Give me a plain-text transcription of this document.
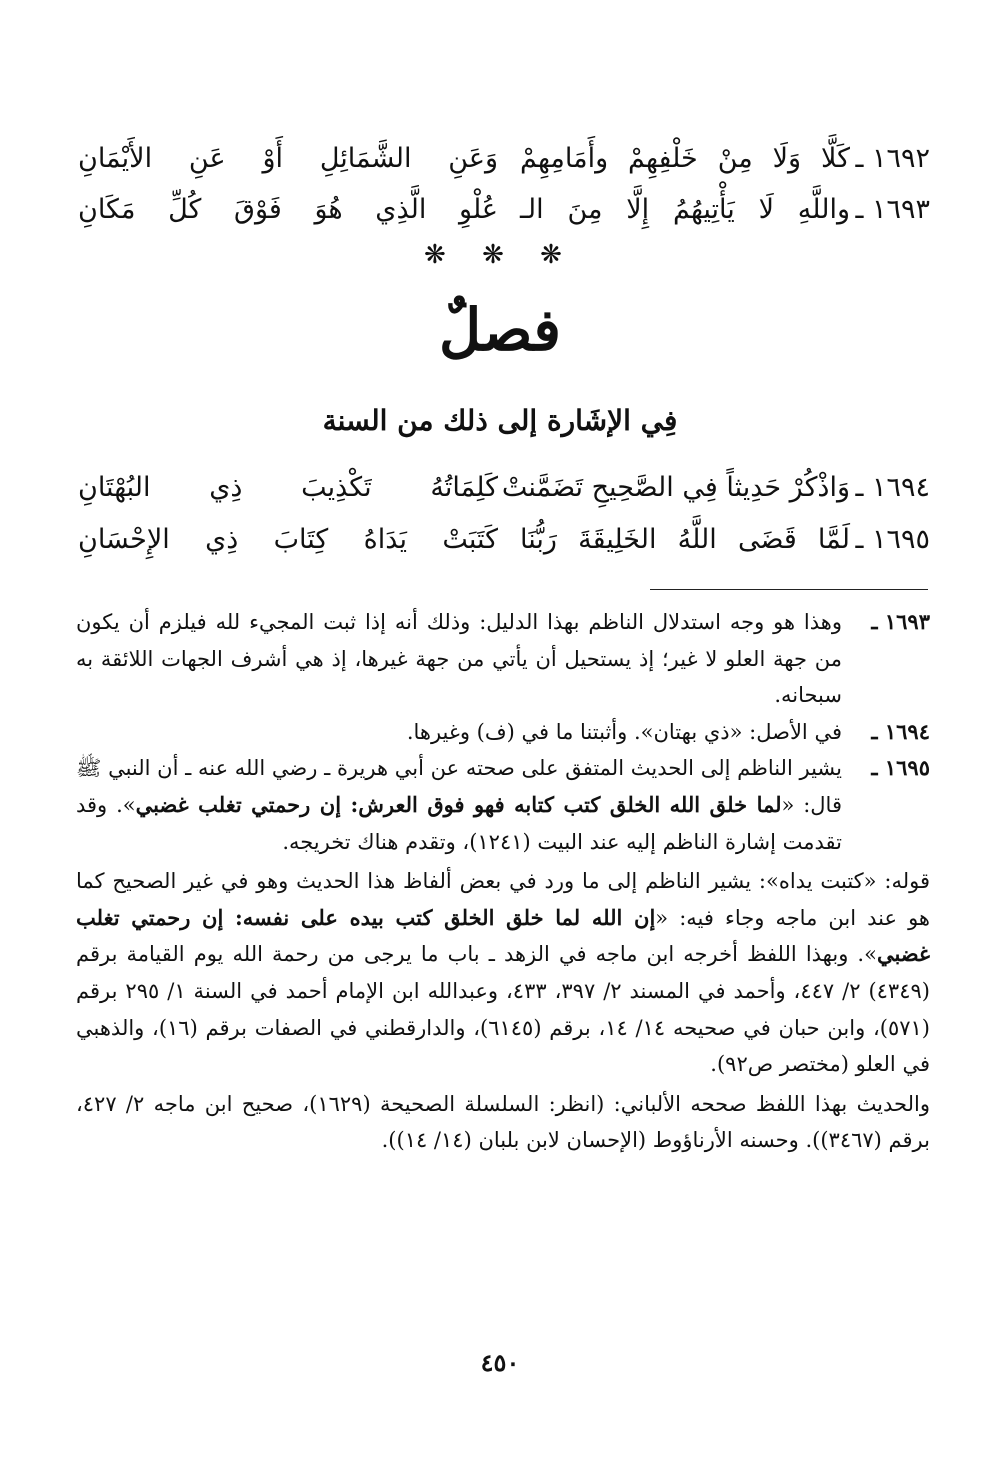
١٦٩٢ ـ
كَلَّا وَلَا مِنْ خَلْفِهِمْ وأَمَامِهِمْ
وَعَنِ الشَّمَائِلِ أَوْ عَنِ الأَيْمَانِ
١٦٩٣ ـ
واللَّهِ لَا يَأْتِيهُمُ إِلَّا مِنَ الـ
عُلْوِ الَّذِي هُوَ فَوْقَ كُلِّ مَكَانِ
❋ ❋ ❋
فصلٌ
فِي الإشَارة إلى ذلك من السنة
١٦٩٤ ـ
وَاذْكُرْ حَدِيثاً فِي الصَّحِيحِ تَضَمَّنتْ
كَلِمَاتُهُ تَكْذِيبَ ذِي البُهْتَانِ
١٦٩٥ ـ
لَمَّا قَضَى اللَّهُ الخَلِيقَةَ رَبُّنَا
كَتَبَتْ يَدَاهُ كِتَابَ ذِي الإِحْسَانِ
١٦٩٣ ـ
وهذا هو وجه استدلال الناظم بهذا الدليل: وذلك أنه إذا ثبت المجيء لله فيلزم أن يكون من جهة العلو لا غير؛ إذ يستحيل أن يأتي من جهة غيرها، إذ هي أشرف الجهات اللائقة به سبحانه.
١٦٩٤ ـ
في الأصل: «ذي بهتان». وأثبتنا ما في (ف) وغيرها.
١٦٩٥ ـ
يشير الناظم إلى الحديث المتفق على صحته عن أبي هريرة ـ رضي الله عنه ـ أن النبي ﷺ قال: «لما خلق الله الخلق كتب كتابه فهو فوق العرش: إن رحمتي تغلب غضبي». وقد تقدمت إشارة الناظم إليه عند البيت (١٢٤١)، وتقدم هناك تخريجه.
قوله: «كتبت يداه»: يشير الناظم إلى ما ورد في بعض ألفاظ هذا الحديث وهو في غير الصحيح كما هو عند ابن ماجه وجاء فيه: «إن الله لما خلق الخلق كتب بيده على نفسه: إن رحمتي تغلب غضبي». وبهذا اللفظ أخرجه ابن ماجه في الزهد ـ باب ما يرجى من رحمة الله يوم القيامة برقم (٤٣٤٩) ٢/ ٤٤٧، وأحمد في المسند ٢/ ٣٩٧، ٤٣٣، وعبدالله ابن الإمام أحمد في السنة ١/ ٢٩٥ برقم (٥٧١)، وابن حبان في صحيحه ١٤/ ١٤، برقم (٦١٤٥)، والدارقطني في الصفات برقم (١٦)، والذهبي في العلو (مختصر ص٩٢).
والحديث بهذا اللفظ صححه الألباني: (انظر: السلسلة الصحيحة (١٦٢٩)، صحيح ابن ماجه ٢/ ٤٢٧، برقم (٣٤٦٧)). وحسنه الأرناؤوط (الإحسان لابن بلبان (١٤/ ١٤)).
٤٥٠
